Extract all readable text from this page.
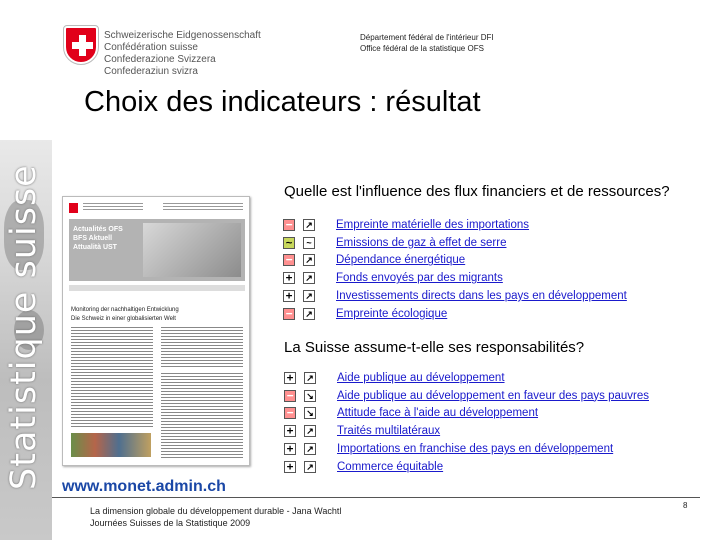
Statistique suisse
Schweizerische Eidgenossenschaft
Confédération suisse
Confederazione Svizzera
Confederaziun svizra
Département fédéral de l'intérieur DFI
Office fédéral de la statistique OFS
Choix des indicateurs : résultat
Actualités OFS
BFS Aktuell
Attualità UST
Monitoring der nachhaltigen Entwicklung
Die Schweiz in einer globalisierten Welt
www.monet.admin.ch
Quelle est l'influence des flux financiers et de ressources?
− ↗ Empreinte matérielle des importations
~	~ Emissions de gaz à effet de serre
− ↗ Dépendance énergétique
+ ↗ Fonds envoyés par des migrants
+ ↗ Investissements directs dans les pays en développement
− ↗ Empreinte écologique
La Suisse assume-t-elle ses responsabilités?
+ ↗ Aide publique au développement
− ↘ Aide publique au développement en faveur des pays pauvres
− ↘ Attitude face à l'aide au développement
+ ↗ Traités multilatéraux
+ ↗ Importations en franchise des pays en développement
+ ↗ Commerce équitable
La dimension globale du développement durable - Jana Wachtl
Journées Suisses de la Statistique 2009
8
